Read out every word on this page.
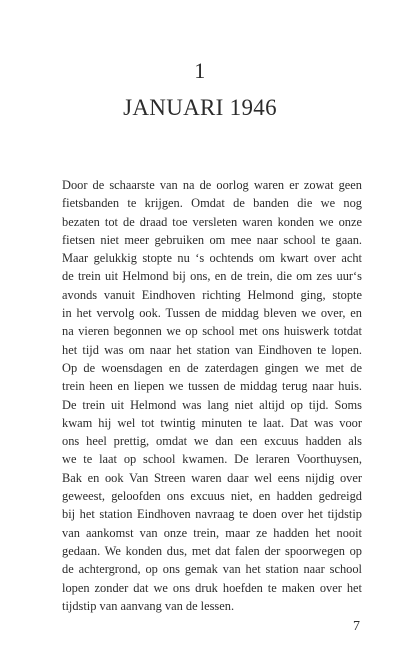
1
JANUARI 1946
Door de schaarste van na de oorlog waren er zowat geen
fietsbanden te krijgen. Omdat de banden die we nog
bezaten tot de draad toe versleten waren konden we onze
fietsen niet meer gebruiken om mee naar school te gaan.
Maar gelukkig stopte nu ‘s ochtends om kwart over acht
de trein uit Helmond bij ons, en de trein, die om zes uur‘s
avonds vanuit Eindhoven richting Helmond ging, stopte
in het vervolg ook. Tussen de middag bleven we over, en
na vieren begonnen we op school met ons huiswerk totdat
het tijd was om naar het station van Eindhoven te lopen.
Op de woensdagen en de zaterdagen gingen we met de
trein heen en liepen we tussen de middag terug naar huis.
De trein uit Helmond was lang niet altijd op tijd. Soms
kwam hij wel tot twintig minuten te laat. Dat was voor
ons heel prettig, omdat we dan een excuus hadden als
we te laat op school kwamen. De leraren Voorthuysen,
Bak en ook Van Streen waren daar wel eens nijdig over
geweest, geloofden ons excuus niet, en hadden gedreigd
bij het station Eindhoven navraag te doen over het tijdstip
van aankomst van onze trein, maar ze hadden het nooit
gedaan. We konden dus, met dat falen der spoorwegen op
de achtergrond, op ons gemak van het station naar school
lopen zonder dat we ons druk hoefden te maken over het
tijdstip van aanvang van de lessen.
7
